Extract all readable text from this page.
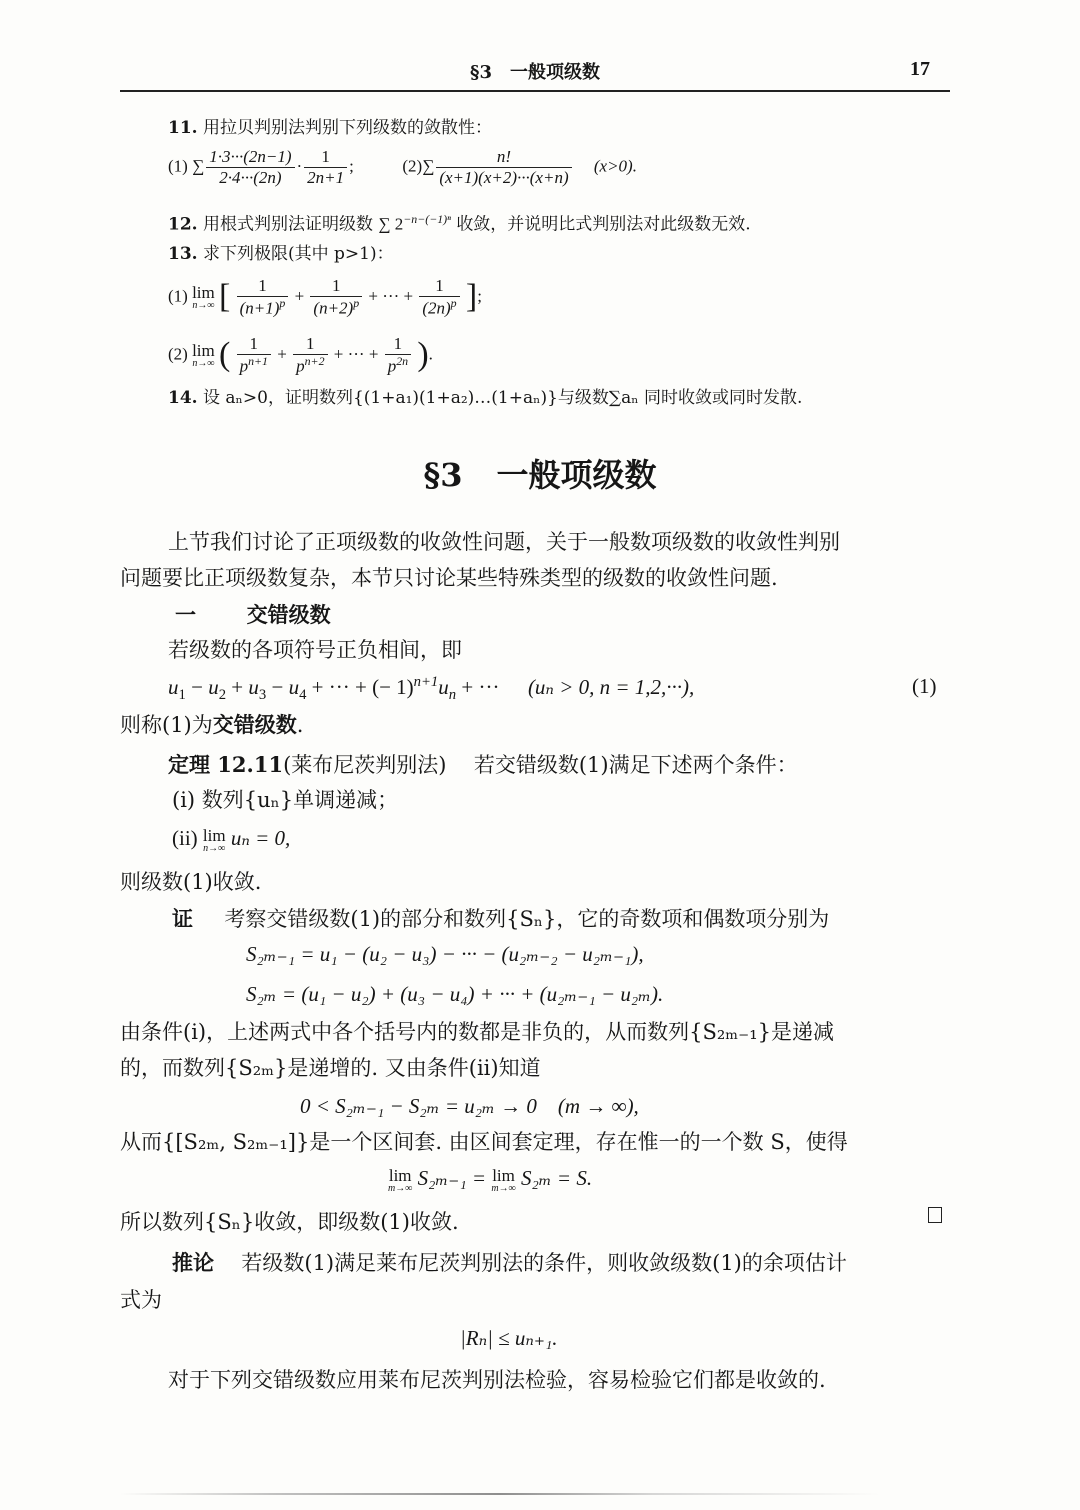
§3　一般项级数	17
11. 用拉贝判别法判别下列级数的敛散性：
(1) ∑ $\frac{1\cdot 3\cdot\cdot\cdot(2n-1)}{2\cdot 4\cdot\cdot\cdot(2n)} \cdot \frac{1}{2n+1}$ ;	$(2)\sum \frac{n!}{(x+1)(x+2)\cdot\cdot\cdot(x+n)} (x>0)$.
12. 用根式判别法证明级数 ∑ $2^{-n-(-1)^n}$ 收敛，并说明比式判别法对此级数无效.
13. 求下列极限(其中 p>1)：
(1) lim
n→∞ [ $\frac{1}{(n+1)^p} + \frac{1}{(n+2)^p}$ + ··· + $\frac{1}{(2n)^p}$ ];
(2) lim
n→∞ ( $\frac{1}{p^{n+1}} + \frac{1}{p^{n+2}}$ + ··· + $\frac{1}{p^{2n}}$ ).
14. 设 aₙ>0，证明数列{(1+a₁)(1+a₂)…(1+aₙ)}与级数∑aₙ 同时收敛或同时发散.
§3 一般项级数
上节我们讨论了正项级数的收敛性问题，关于一般数项级数的收敛性判别
问题要比正项级数复杂，本节只讨论某些特殊类型的级数的收敛性问题.
一 交错级数
若级数的各项符号正负相间，即
$u_1 - u_2 + u_3 - u_4$ + ··· + (− $1)^{n+1}u_n$ + ···  (uₙ > 0, n = 1,2,···),	(1)
则称(1)为交错级数.
定理 12.11(莱布尼茨判别法) 若交错级数(1)满足下述两个条件：
(i) 数列{uₙ}单调递减；
(ii) lim
n→∞ uₙ = 0,
则级数(1)收敛.
证 考察交错级数(1)的部分和数列{Sₙ}，它的奇数项和偶数项分别为
S₂ₘ₋₁ = u₁ − (u₂ − u₃) − ··· − (u₂ₘ₋₂ − u₂ₘ₋₁),
S₂ₘ = (u₁ − u₂) + (u₃ − u₄) + ··· + (u₂ₘ₋₁ − u₂ₘ).
由条件(i)，上述两式中各个括号内的数都是非负的，从而数列{S₂ₘ₋₁}是递减
的，而数列{S₂ₘ}是递增的. 又由条件(ii)知道
0 < S₂ₘ₋₁ − S₂ₘ = u₂ₘ → 0　(m → ∞),
从而{[S₂ₘ, S₂ₘ₋₁]}是一个区间套. 由区间套定理，存在惟一的一个数 S，使得
lim
m→∞ S₂ₘ₋₁ = lim
m→∞ S₂ₘ = S.
所以数列{Sₙ}收敛，即级数(1)收敛.
推论 若级数(1)满足莱布尼茨判别法的条件，则收敛级数(1)的余项估计
式为
|Rₙ| ≤ uₙ₊₁.
对于下列交错级数应用莱布尼茨判别法检验，容易检验它们都是收敛的.
